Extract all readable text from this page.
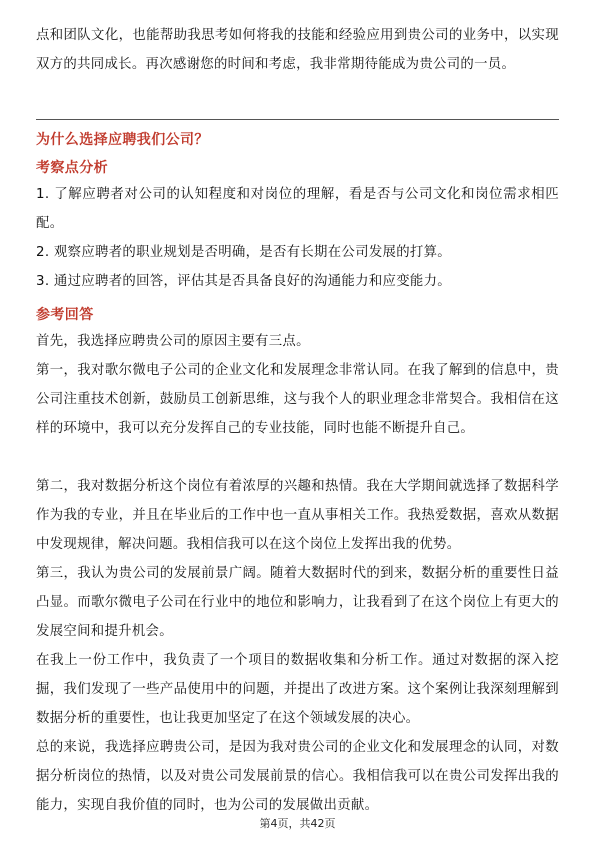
点和团队文化，也能帮助我思考如何将我的技能和经验应用到贵公司的业务中，以实现双方的共同成长。再次感谢您的时间和考虑，我非常期待能成为贵公司的一员。

为什么选择应聘我们公司？
考察点分析

1. 了解应聘者对公司的认知程度和对岗位的理解，看是否与公司文化和岗位需求相匹配。

2. 观察应聘者的职业规划是否明确，是否有长期在公司发展的打算。

3. 通过应聘者的回答，评估其是否具备良好的沟通能力和应变能力。

参考回答

首先，我选择应聘贵公司的原因主要有三点。

第一，我对歌尔微电子公司的企业文化和发展理念非常认同。在我了解到的信息中，贵公司注重技术创新，鼓励员工创新思维，这与我个人的职业理念非常契合。我相信在这样的环境中，我可以充分发挥自己的专业技能，同时也能不断提升自己。

第二，我对数据分析这个岗位有着浓厚的兴趣和热情。我在大学期间就选择了数据科学作为我的专业，并且在毕业后的工作中也一直从事相关工作。我热爱数据，喜欢从数据中发现规律，解决问题。我相信我可以在这个岗位上发挥出我的优势。

第三，我认为贵公司的发展前景广阔。随着大数据时代的到来，数据分析的重要性日益凸显。而歌尔微电子公司在行业中的地位和影响力，让我看到了在这个岗位上有更大的发展空间和提升机会。

在我上一份工作中，我负责了一个项目的数据收集和分析工作。通过对数据的深入挖掘，我们发现了一些产品使用中的问题，并提出了改进方案。这个案例让我深刻理解到数据分析的重要性，也让我更加坚定了在这个领域发展的决心。

总的来说，我选择应聘贵公司，是因为我对贵公司的企业文化和发展理念的认同，对数据分析岗位的热情，以及对贵公司发展前景的信心。我相信我可以在贵公司发挥出我的能力，实现自我价值的同时，也为公司的发展做出贡献。

第4页，共42页
